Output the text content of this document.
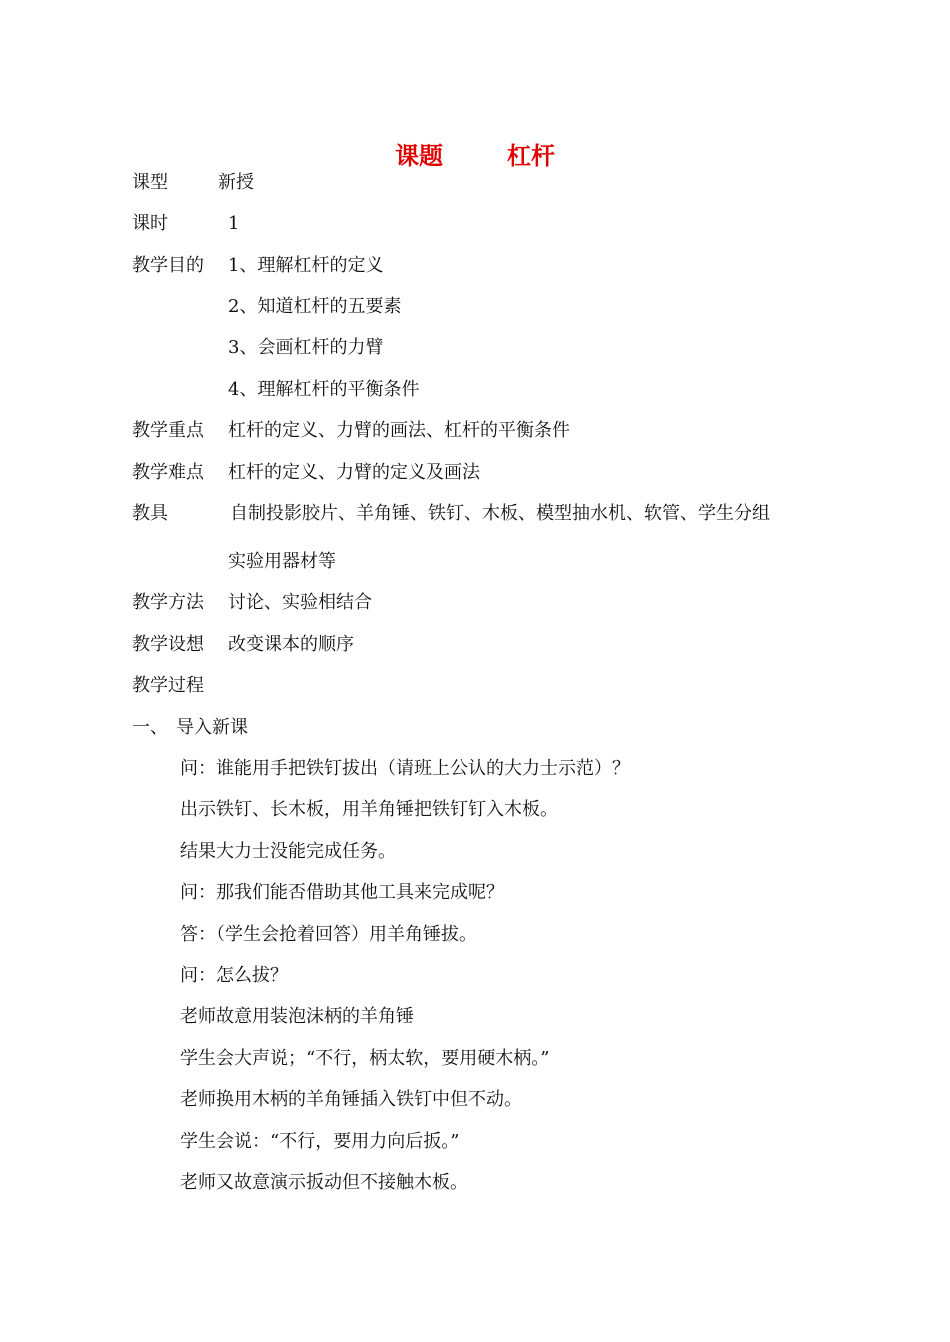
课题	杠杆
课型	新授
课时	1
教学目的 1、理解杠杆的定义
2、知道杠杆的五要素
3、会画杠杆的力臂
4、理解杠杆的平衡条件
教学重点 杠杆的定义、力臂的画法、杠杆的平衡条件
教学难点 杠杆的定义、力臂的定义及画法
教具	自制投影胶片、羊角锤、铁钉、木板、模型抽水机、软管、学生分组
实验用器材等
教学方法 讨论、实验相结合
教学设想 改变课本的顺序
教学过程
一、 导入新课
问：谁能用手把铁钉拔出（请班上公认的大力士示范）？
出示铁钉、长木板，用羊角锤把铁钉钉入木板。
结果大力士没能完成任务。
问：那我们能否借助其他工具来完成呢？
答：（学生会抢着回答）用羊角锤拔。
问：怎么拔？
老师故意用装泡沫柄的羊角锤
学生会大声说；“不行，柄太软，要用硬木柄。”
老师换用木柄的羊角锤插入铁钉中但不动。
学生会说：“不行，要用力向后扳。”
老师又故意演示扳动但不接触木板。
